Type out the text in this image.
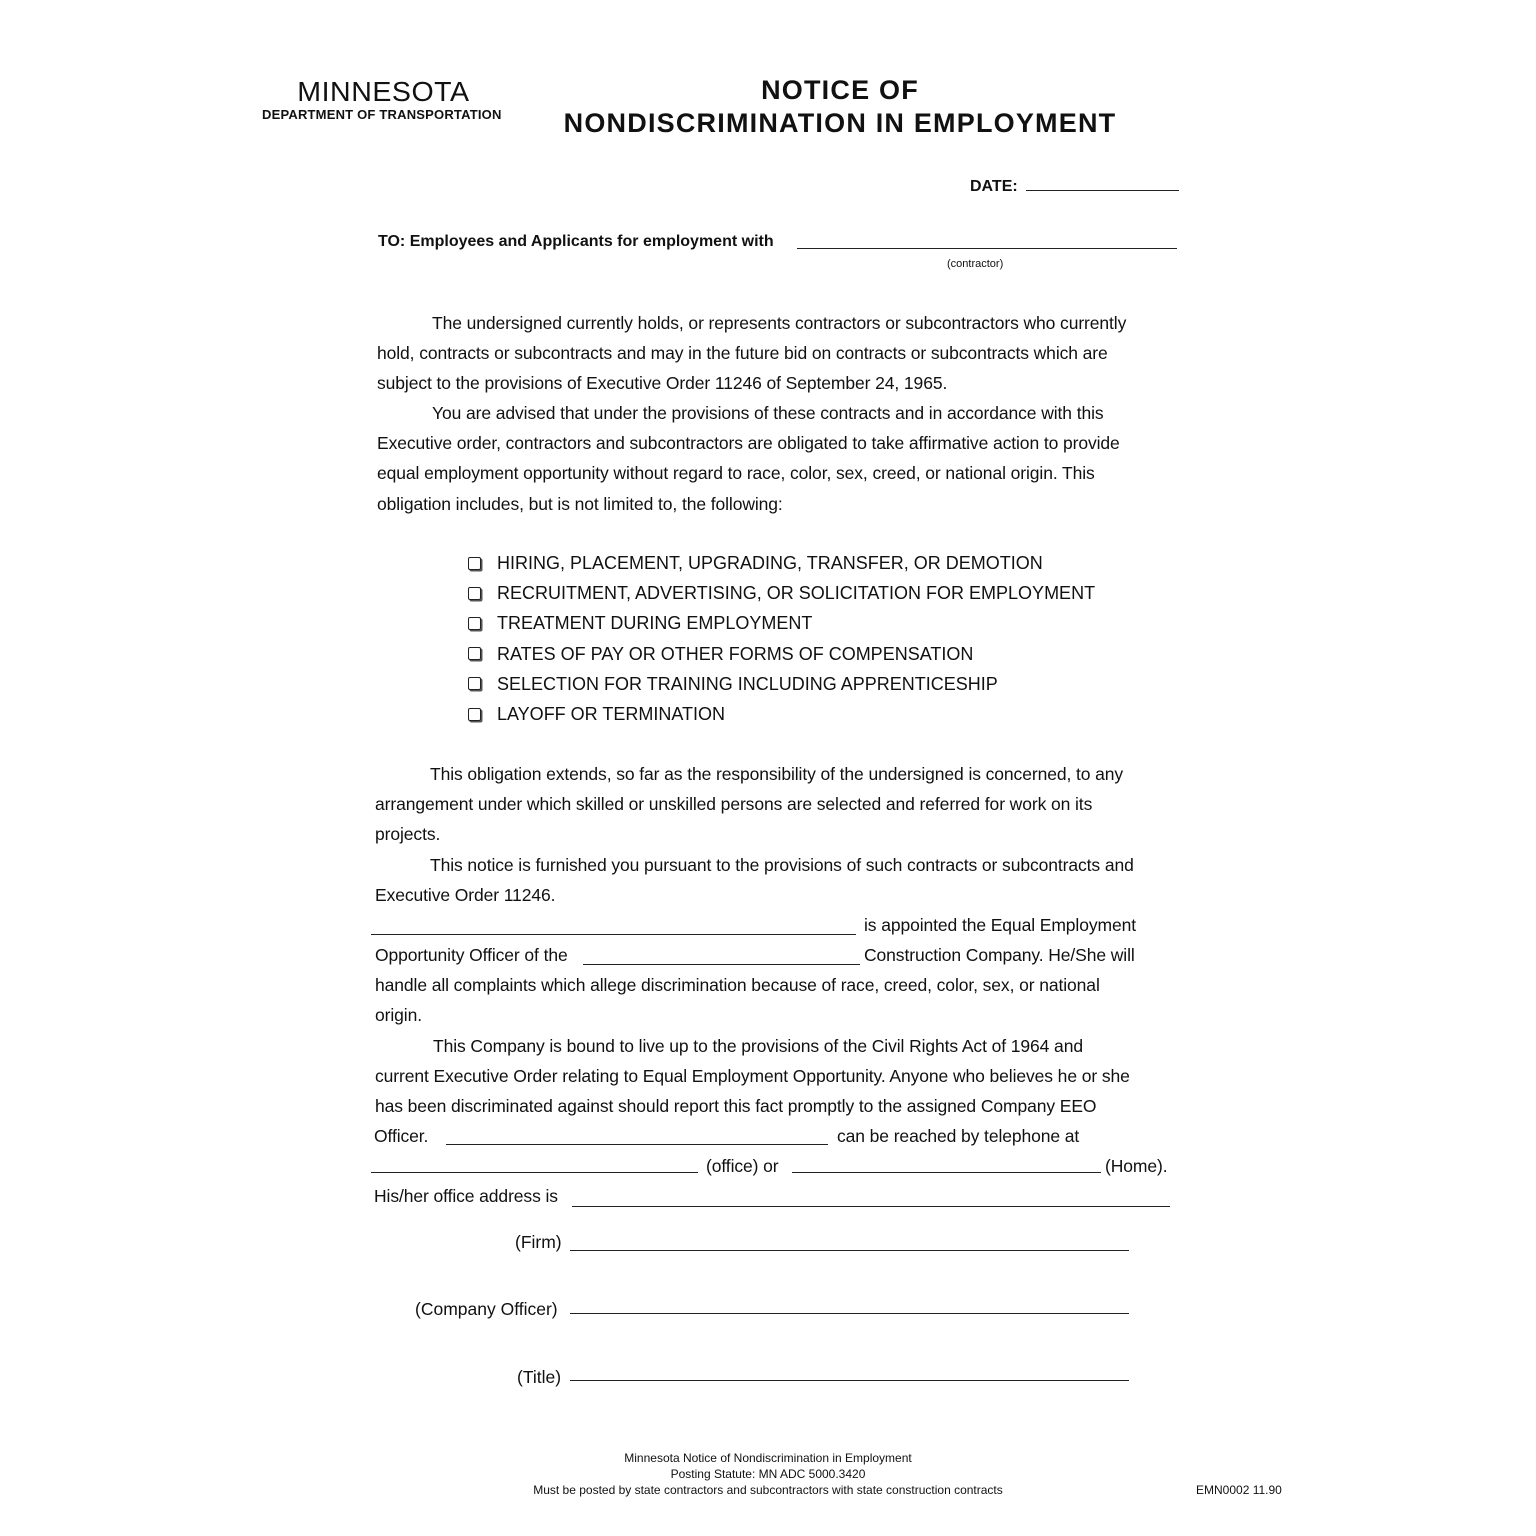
MINNESOTA
DEPARTMENT OF TRANSPORTATION
NOTICE OF
NONDISCRIMINATION IN EMPLOYMENT
DATE:
TO: Employees and Applicants for employment with
(contractor)
The undersigned currently holds, or represents contractors or subcontractors who currently
hold, contracts or subcontracts and may in the future bid on contracts or subcontracts which are
subject to the provisions of Executive Order 11246 of September 24, 1965.
You are advised that under the provisions of these contracts and in accordance with this
Executive order, contractors and subcontractors are obligated to take affirmative action to provide
equal employment opportunity without regard to race, color, sex, creed, or national origin. This
obligation includes, but is not limited to, the following:
HIRING, PLACEMENT, UPGRADING, TRANSFER, OR DEMOTION
RECRUITMENT, ADVERTISING, OR SOLICITATION FOR EMPLOYMENT
TREATMENT DURING EMPLOYMENT
RATES OF PAY OR OTHER FORMS OF COMPENSATION
SELECTION FOR TRAINING INCLUDING APPRENTICESHIP
LAYOFF OR TERMINATION
This obligation extends, so far as the responsibility of the undersigned is concerned, to any
arrangement under which skilled or unskilled persons are selected and referred for work on its
projects.
This notice is furnished you pursuant to the provisions of such contracts or subcontracts and
Executive Order 11246.
is appointed the Equal Employment
Opportunity Officer of the	Construction Company. He/She will
handle all complaints which allege discrimination because of race, creed, color, sex, or national
origin.
This Company is bound to live up to the provisions of the Civil Rights Act of 1964 and
current Executive Order relating to Equal Employment Opportunity. Anyone who believes he or she
has been discriminated against should report this fact promptly to the assigned Company EEO
Officer.	can be reached by telephone at
(office) or	(Home).
His/her office address is
(Firm)
(Company Officer)
(Title)
Minnesota Notice of Nondiscrimination in Employment
Posting Statute: MN ADC 5000.3420
Must be posted by state contractors and subcontractors with state construction contracts	EMN0002 11.90
